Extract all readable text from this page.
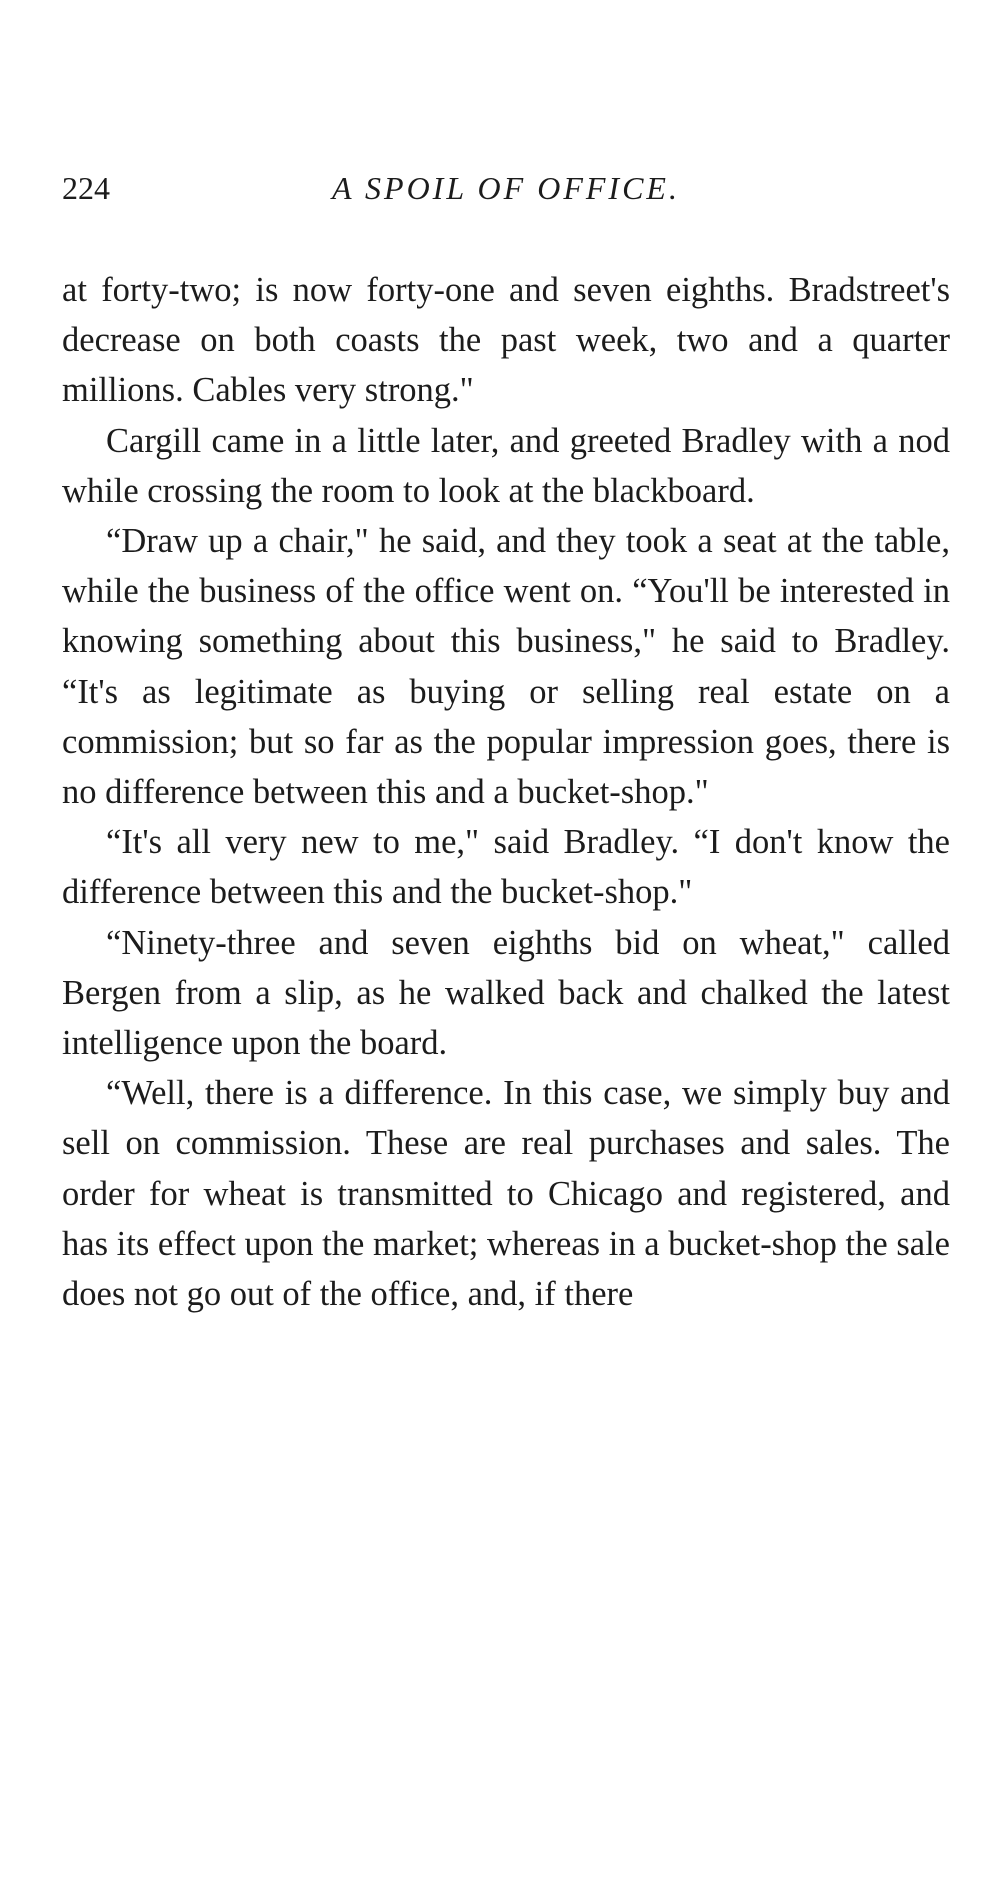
224	A SPOIL OF OFFICE.

at forty-two; is now forty-one and seven eighths. Bradstreet's decrease on both coasts the past week, two and a quarter millions. Cables very strong."

Cargill came in a little later, and greeted Bradley with a nod while crossing the room to look at the blackboard.

“Draw up a chair," he said, and they took a seat at the table, while the business of the office went on. “You'll be interested in knowing something about this business," he said to Bradley. “It's as legitimate as buying or selling real estate on a commission; but so far as the popular impression goes, there is no difference between this and a bucket-shop."

“It's all very new to me," said Bradley. “I don't know the difference between this and the bucket-shop."

“Ninety-three and seven eighths bid on wheat," called Bergen from a slip, as he walked back and chalked the latest intelligence upon the board.

“Well, there is a difference. In this case, we simply buy and sell on commission. These are real purchases and sales. The order for wheat is transmitted to Chicago and registered, and has its effect upon the market; whereas in a bucket-shop the sale does not go out of the office, and, if there
